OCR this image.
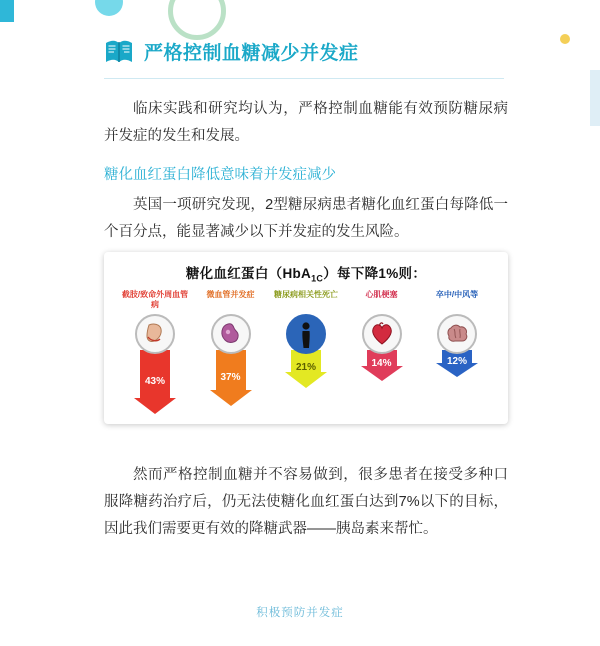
严格控制血糖减少并发症

临床实践和研究均认为，严格控制血糖能有效预防糖尿病并发症的发生和发展。

糖化血红蛋白降低意味着并发症减少

英国一项研究发现，2型糖尿病患者糖化血红蛋白每降低一个百分点，能显著减少以下并发症的发生风险。

糖化血红蛋白（HbA$_{1C}$）每下降1%则：
截肢/致命外周血管病
43%
微血管并发症
37%
糖尿病相关性死亡
21%
心肌梗塞
14%
卒中/中风等
12%

然而严格控制血糖并不容易做到，很多患者在接受多种口服降糖药治疗后，仍无法使糖化血红蛋白达到7%以下的目标，因此我们需要更有效的降糖武器——胰岛素来帮忙。

积极预防并发症
